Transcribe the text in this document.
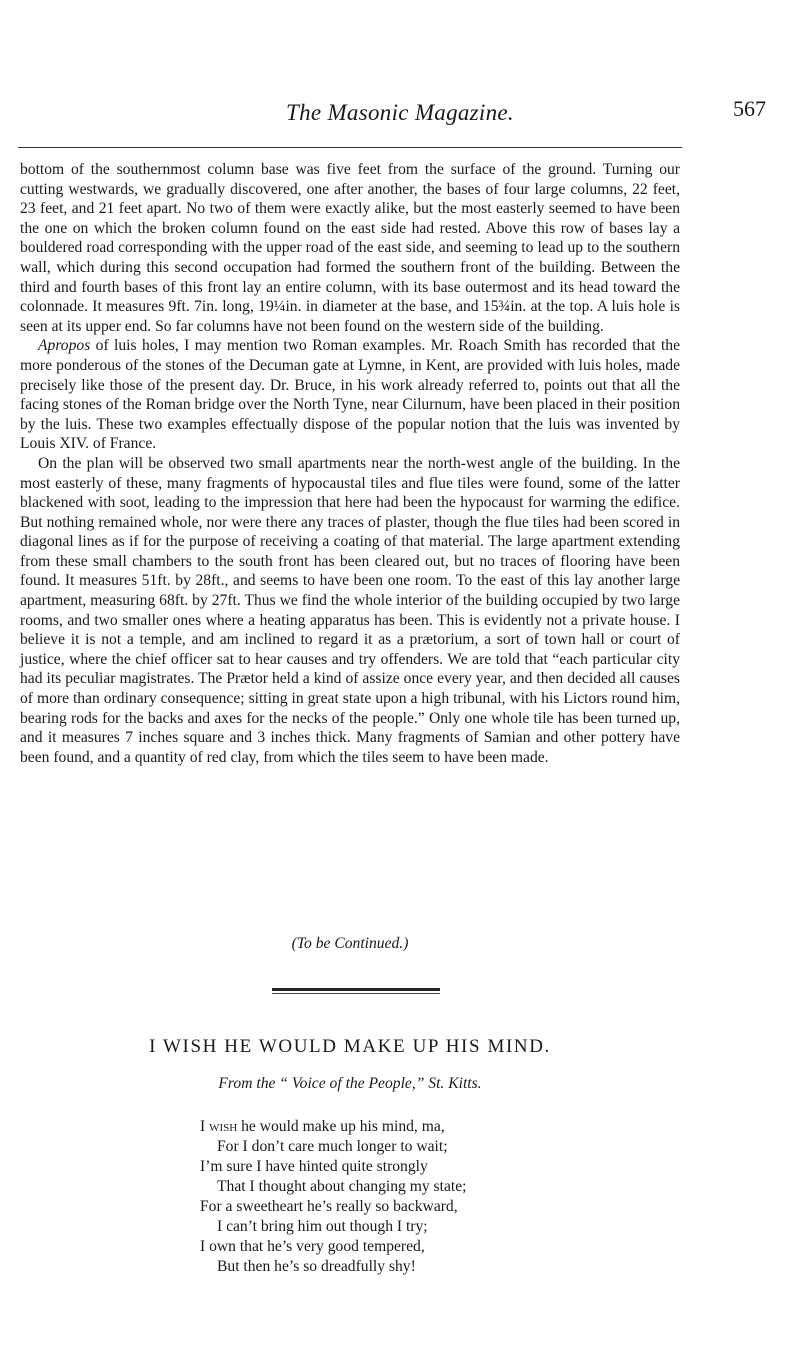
The Masonic Magazine.	567

bottom of the southernmost column base was five feet from the surface of the ground. Turning our cutting westwards, we gradually discovered, one after another, the bases of four large columns, 22 feet, 23 feet, and 21 feet apart. No two of them were exactly alike, but the most easterly seemed to have been the one on which the broken column found on the east side had rested. Above this row of bases lay a bouldered road corresponding with the upper road of the east side, and seeming to lead up to the southern wall, which during this second occupation had formed the southern front of the building. Between the third and fourth bases of this front lay an entire column, with its base outermost and its head toward the colonnade. It measures 9ft. 7in. long, 19¼in. in diameter at the base, and 15¾in. at the top. A luis hole is seen at its upper end. So far columns have not been found on the western side of the building.

Apropos of luis holes, I may mention two Roman examples. Mr. Roach Smith has recorded that the more ponderous of the stones of the Decuman gate at Lymne, in Kent, are provided with luis holes, made precisely like those of the present day. Dr. Bruce, in his work already referred to, points out that all the facing stones of the Roman bridge over the North Tyne, near Cilurnum, have been placed in their position by the luis. These two examples effectually dispose of the popular notion that the luis was invented by Louis XIV. of France.

On the plan will be observed two small apartments near the north-west angle of the building. In the most easterly of these, many fragments of hypocaustal tiles and flue tiles were found, some of the latter blackened with soot, leading to the impression that here had been the hypocaust for warming the edifice. But nothing remained whole, nor were there any traces of plaster, though the flue tiles had been scored in diagonal lines as if for the purpose of receiving a coating of that material. The large apartment extending from these small chambers to the south front has been cleared out, but no traces of flooring have been found. It measures 51ft. by 28ft., and seems to have been one room. To the east of this lay another large apartment, measuring 68ft. by 27ft. Thus we find the whole interior of the building occupied by two large rooms, and two smaller ones where a heating apparatus has been. This is evidently not a private house. I believe it is not a temple, and am inclined to regard it as a prætorium, a sort of town hall or court of justice, where the chief officer sat to hear causes and try offenders. We are told that “each particular city had its peculiar magistrates. The Prætor held a kind of assize once every year, and then decided all causes of more than ordinary consequence; sitting in great state upon a high tribunal, with his Lictors round him, bearing rods for the backs and axes for the necks of the people.” Only one whole tile has been turned up, and it measures 7 inches square and 3 inches thick. Many fragments of Samian and other pottery have been found, and a quantity of red clay, from which the tiles seem to have been made.

(To be Continued.)
I WISH HE WOULD MAKE UP HIS MIND.
From the “ Voice of the People,” St. Kitts.
I wish he would make up his mind, ma,
For I don’t care much longer to wait;
I’m sure I have hinted quite strongly
That I thought about changing my state;
For a sweetheart he’s really so backward,
I can’t bring him out though I try;
I own that he’s very good tempered,
But then he’s so dreadfully shy!
